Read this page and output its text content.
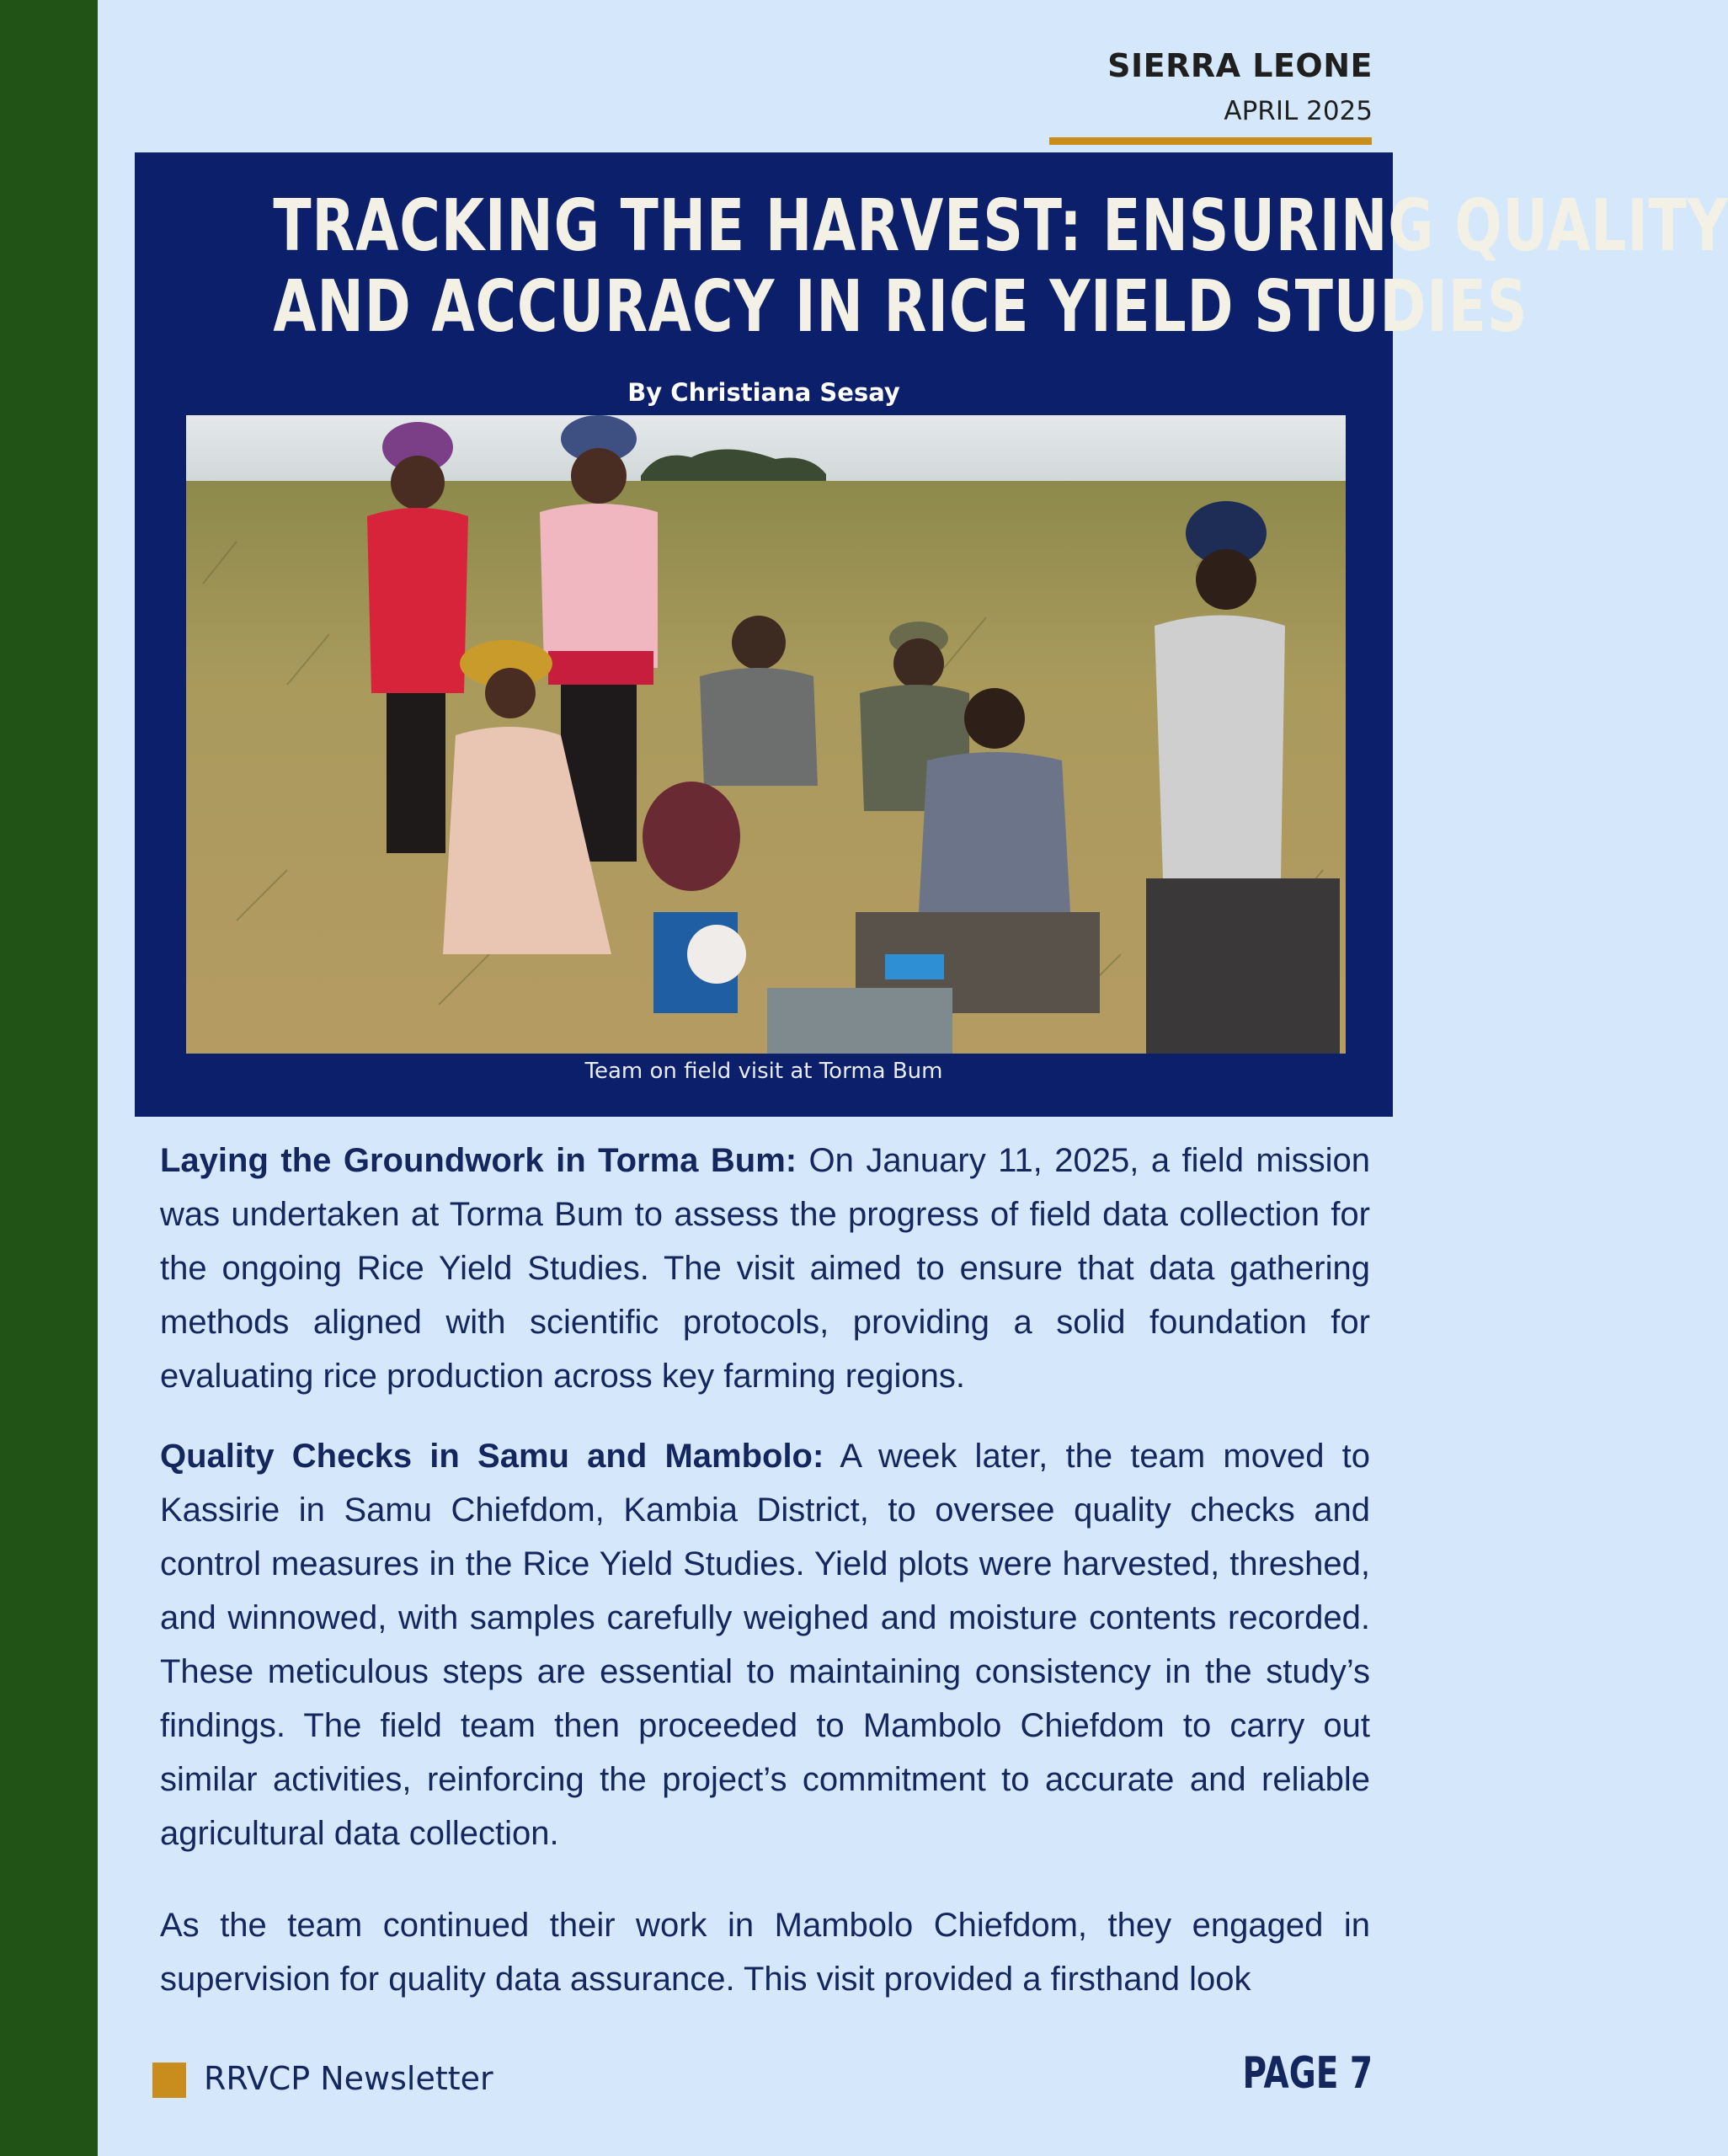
SIERRA LEONE
APRIL 2025
TRACKING THE HARVEST: ENSURING QUALITY
AND ACCURACY IN RICE YIELD STUDIES
By Christiana Sesay
Team on field visit at Torma Bum

Laying the Groundwork in Torma Bum: On January 11, 2025, a field mission was undertaken at Torma Bum to assess the progress of field data collection for the ongoing Rice Yield Studies. The visit aimed to ensure that data gathering methods aligned with scientific protocols, providing a solid foundation for evaluating rice production across key farming regions.

Quality Checks in Samu and Mambolo: A week later, the team moved to Kassirie in Samu Chiefdom, Kambia District, to oversee quality checks and control measures in the Rice Yield Studies. Yield plots were harvested, threshed, and winnowed, with samples carefully weighed and moisture contents recorded. These meticulous steps are essential to maintaining consistency in the study’s findings. The field team then proceeded to Mambolo Chiefdom to carry out similar activities, reinforcing the project’s commitment to accurate and reliable agricultural data collection.

As the team continued their work in Mambolo Chiefdom, they engaged in supervision for quality data assurance. This visit provided a firsthand look

RRVCP Newsletter	PAGE 7
